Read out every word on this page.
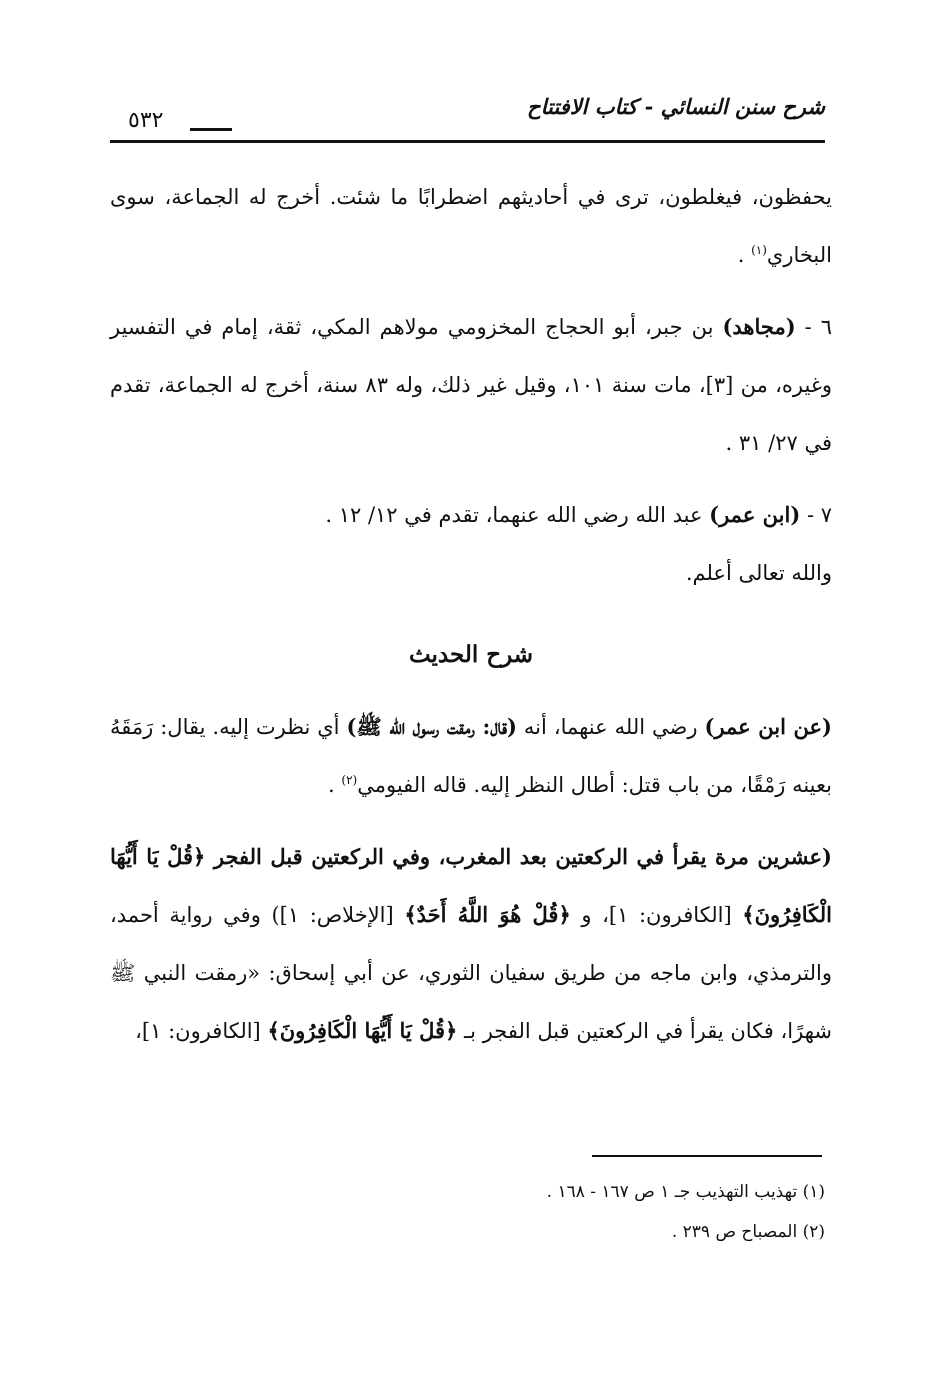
شرح سنن النسائي - كتاب الافتتاح
٥٣٢

يحفظون، فيغلطون، ترى في أحاديثهم اضطرابًا ما شئت. أخرج له الجماعة، سوى البخاري$^{(١)}$ .

٦ - (مجاهد) بن جبر، أبو الحجاج المخزومي مولاهم المكي، ثقة، إمام في التفسير وغيره، من [٣]، مات سنة ١٠١، وقيل غير ذلك، وله ٨٣ سنة، أخرج له الجماعة، تقدم في ٢٧/ ٣١ .

٧ - (ابن عمر) عبد الله رضي الله عنهما، تقدم في ١٢/ ١٢ .
والله تعالى أعلم.

شرح الحديث

(عن ابن عمر) رضي الله عنهما، أنه (قال: رمقت رسول الله ﷺ) أي نظرت إليه. يقال: رَمَقَهُ بعينه رَمْقًا، من باب قتل: أطال النظر إليه. قاله الفيومي$^{(٢)}$ .

(عشرين مرة يقرأ في الركعتين بعد المغرب، وفي الركعتين قبل الفجر ﴿قُلْ يَا أَيُّهَا الْكَافِرُونَ﴾ [الكافرون: ١]، و ﴿قُلْ هُوَ اللَّهُ أَحَدٌ﴾ [الإخلاص: ١]) وفي رواية أحمد، والترمذي، وابن ماجه من طريق سفيان الثوري، عن أبي إسحاق: «رمقت النبي ﷺ شهرًا، فكان يقرأ في الركعتين قبل الفجر بـ ﴿قُلْ يَا أَيُّهَا الْكَافِرُونَ﴾ [الكافرون: ١]،

(١) تهذيب التهذيب جـ ١ ص ١٦٧ - ١٦٨ .

(٢) المصباح ص ٢٣٩ .
